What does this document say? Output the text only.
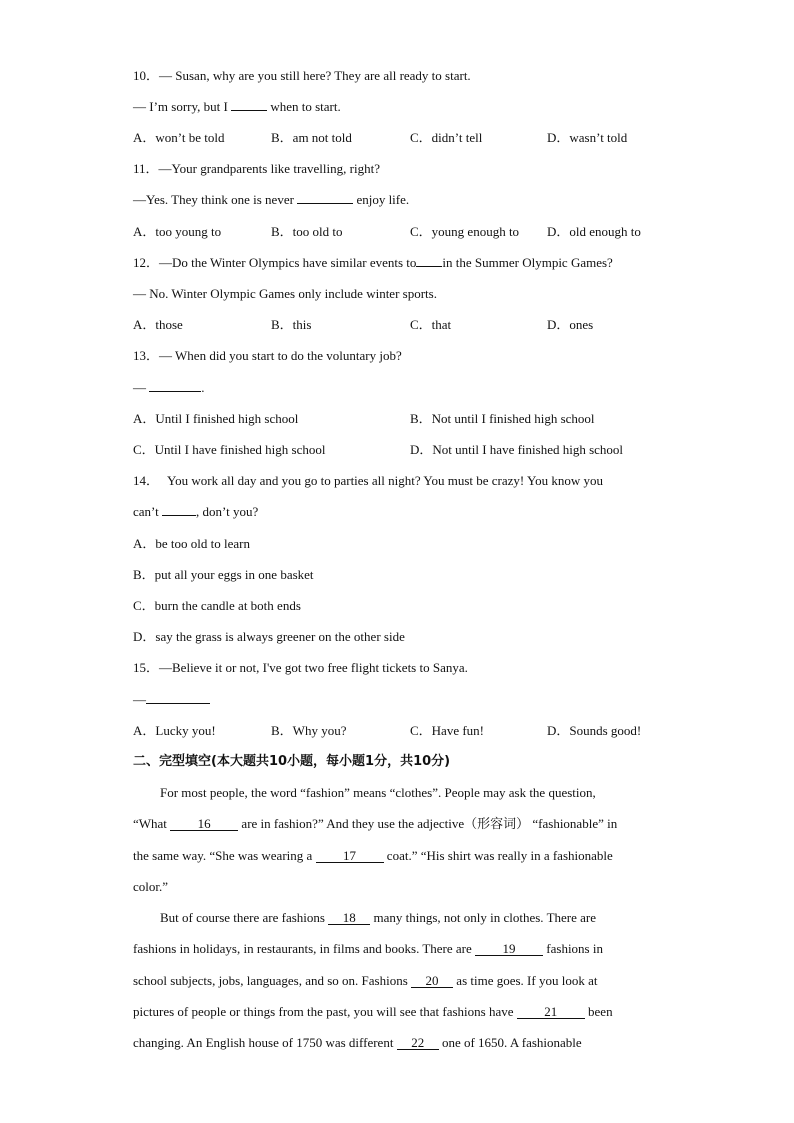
10．— Susan, why are you still here? They are all ready to start.
— I’m sorry, but I	when to start.
A．won’t be told	B．am not told	C．didn’t tell	D．wasn’t told
11．—Your grandparents like travelling, right?
—Yes. They think one is never	enjoy life.
A．too young to	B．too old to	C．young enough to D．old enough to
12．—Do the Winter Olympics have similar events to in the Summer Olympic Games?
— No. Winter Olympic Games only include winter sports.
A．those	B．this	C．that	D．ones
13．— When did you start to do the voluntary job?
—	.
A．Until I finished high school	B．Not until I finished high school
C．Until I have finished high school	D．Not until I have finished high school
14． You work all day and you go to parties all night? You must be crazy! You know you
can’t	, don’t you?
A．be too old to learn
B．put all your eggs in one basket
C．burn the candle at both ends
D．say the grass is always greener on the other side
15．—Believe it or not, I've got two free flight tickets to Sanya.
—
A．Lucky you!	B．Why you?	C．Have fun!	D．Sounds good!
二、完型填空(本大题共10小题，每小题1分，共10分)
For most people, the word “fashion” means “clothes”. People may ask the question,
“What 16 are in fashion?” And they use the adjective（形容词） “fashionable” in
the same way. “She was wearing a 17 coat.” “His shirt was really in a fashionable
color.”
But of course there are fashions 18 many things, not only in clothes. There are
fashions in holidays, in restaurants, in films and books. There are 19 fashions in
school subjects, jobs, languages, and so on. Fashions 20 as time goes. If you look at
pictures of people or things from the past, you will see that fashions have 21 been
changing. An English house of 1750 was different 22 one of 1650. A fashionable
